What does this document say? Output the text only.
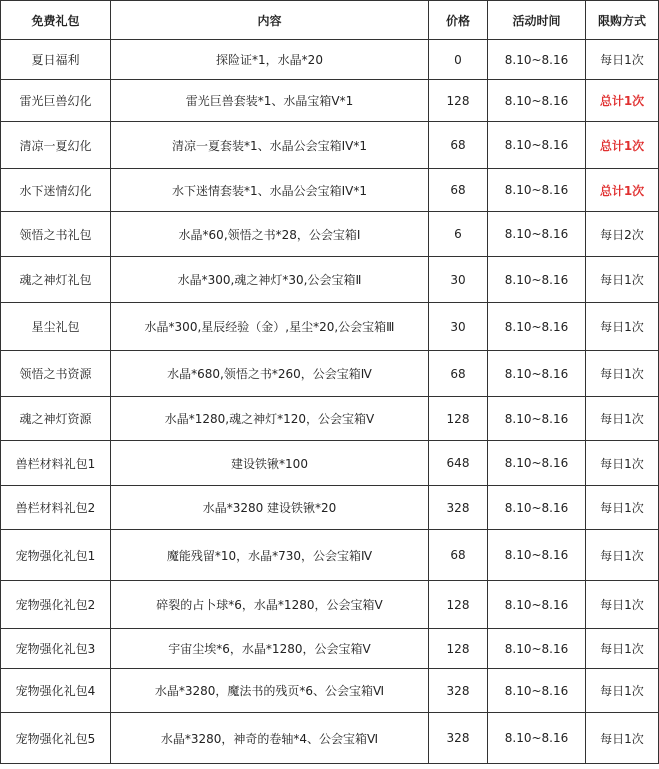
免费礼包	内容	价格	活动时间	限购方式
夏日福利	探险证*1，水晶*20	0	8.10~8.16	每日1次
雷光巨兽幻化	雷光巨兽套装*1、水晶宝箱V*1	128	8.10~8.16	总计1次
清凉一夏幻化	清凉一夏套装*1、水晶公会宝箱IV*1	68	8.10~8.16	总计1次
水下迷情幻化	水下迷情套装*1、水晶公会宝箱IV*1	68	8.10~8.16	总计1次
领悟之书礼包	水晶*60,领悟之书*28，公会宝箱Ⅰ	6	8.10~8.16	每日2次
魂之神灯礼包	水晶*300,魂之神灯*30,公会宝箱Ⅱ	30	8.10~8.16	每日1次
星尘礼包	水晶*300,星辰经验（金）,星尘*20,公会宝箱Ⅲ	30	8.10~8.16	每日1次
领悟之书资源	水晶*680,领悟之书*260，公会宝箱Ⅳ	68	8.10~8.16	每日1次
魂之神灯资源	水晶*1280,魂之神灯*120，公会宝箱Ⅴ	128	8.10~8.16	每日1次
兽栏材料礼包1	建设铁锹*100	648	8.10~8.16	每日1次
兽栏材料礼包2	水晶*3280 建设铁锹*20	328	8.10~8.16	每日1次
宠物强化礼包1	魔能残留*10，水晶*730，公会宝箱Ⅳ	68	8.10~8.16	每日1次
宠物强化礼包2	碎裂的占卜球*6，水晶*1280，公会宝箱Ⅴ	128	8.10~8.16	每日1次
宠物强化礼包3	宇宙尘埃*6，水晶*1280，公会宝箱Ⅴ	128	8.10~8.16	每日1次
宠物强化礼包4	水晶*3280，魔法书的残页*6、公会宝箱Ⅵ	328	8.10~8.16	每日1次
宠物强化礼包5	水晶*3280，神奇的卷轴*4、公会宝箱Ⅵ	328	8.10~8.16	每日1次
